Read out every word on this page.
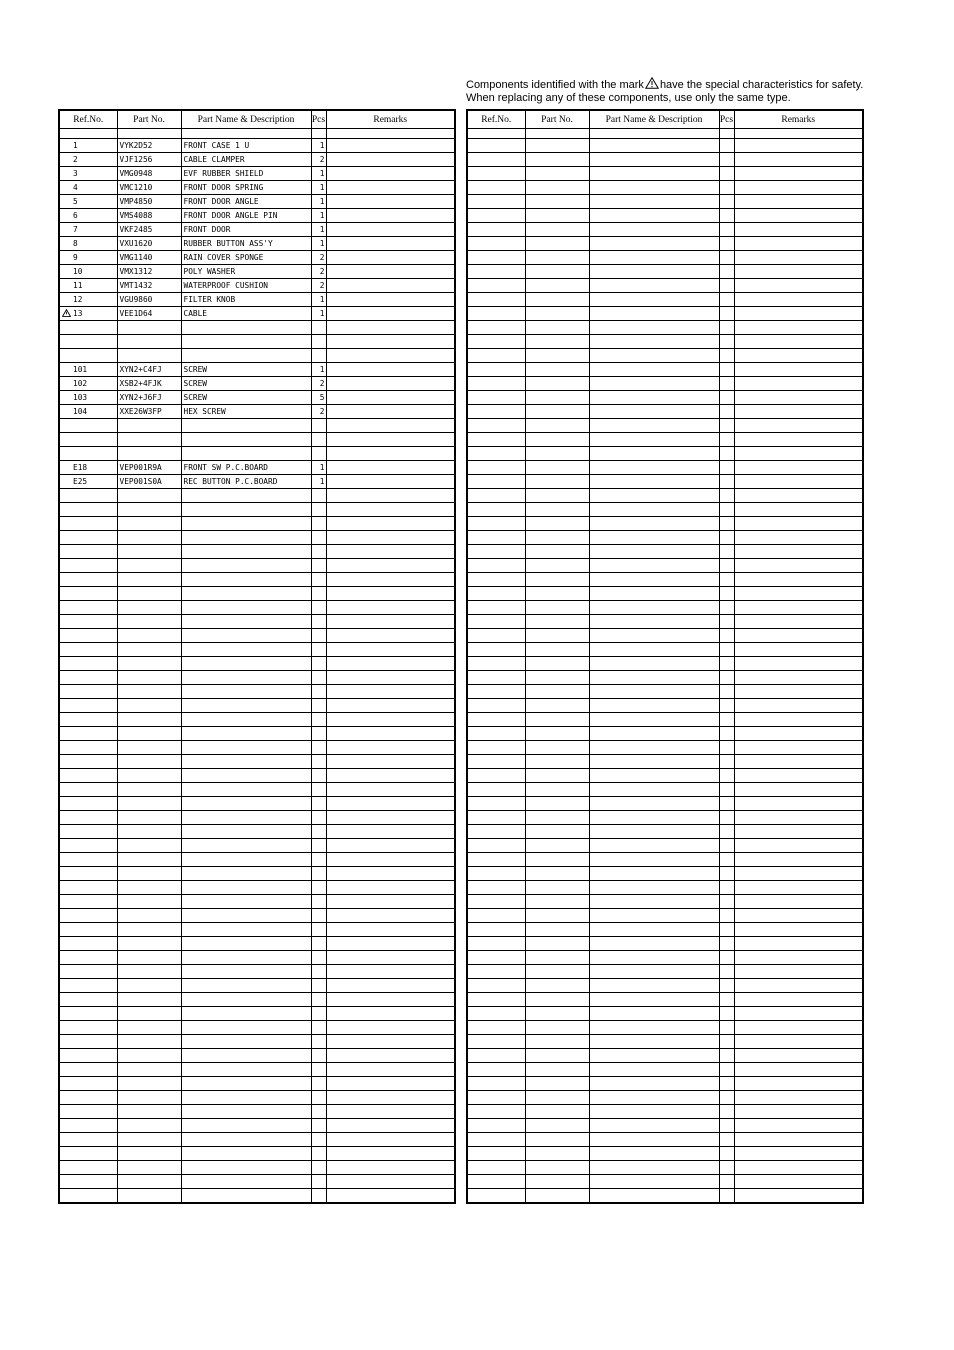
Components identified with the mark have the special characteristics for safety.
When replacing any of these components, use only the same type.
Ref.No.	Part No.	Part Name & Description	Pcs	Remarks

1	VYK2D52	FRONT CASE 1 U	1	
2	VJF1256	CABLE CLAMPER	2	
3	VMG0948	EVF RUBBER SHIELD	1	
4	VMC1210	FRONT DOOR SPRING	1	
5	VMP4850	FRONT DOOR ANGLE	1	
6	VMS4088	FRONT DOOR ANGLE PIN	1	
7	VKF2485	FRONT DOOR	1	
8	VXU1620	RUBBER BUTTON ASS'Y	1	
9	VMG1140	RAIN COVER SPONGE	2	
10	VMX1312	POLY WASHER	2	
11	VMT1432	WATERPROOF CUSHION	2	
12	VGU9860	FILTER KNOB	1	
13	VEE1D64	CABLE	1	

101	XYN2+C4FJ	SCREW	1	
102	XSB2+4FJK	SCREW	2	
103	XYN2+J6FJ	SCREW	5	
104	XXE26W3FP	HEX SCREW	2	

E18	VEP001R9A	FRONT SW P.C.BOARD	1	
E25	VEP001S0A	REC BUTTON P.C.BOARD	1	

Ref.No.	Part No.	Part Name & Description	Pcs	Remarks
